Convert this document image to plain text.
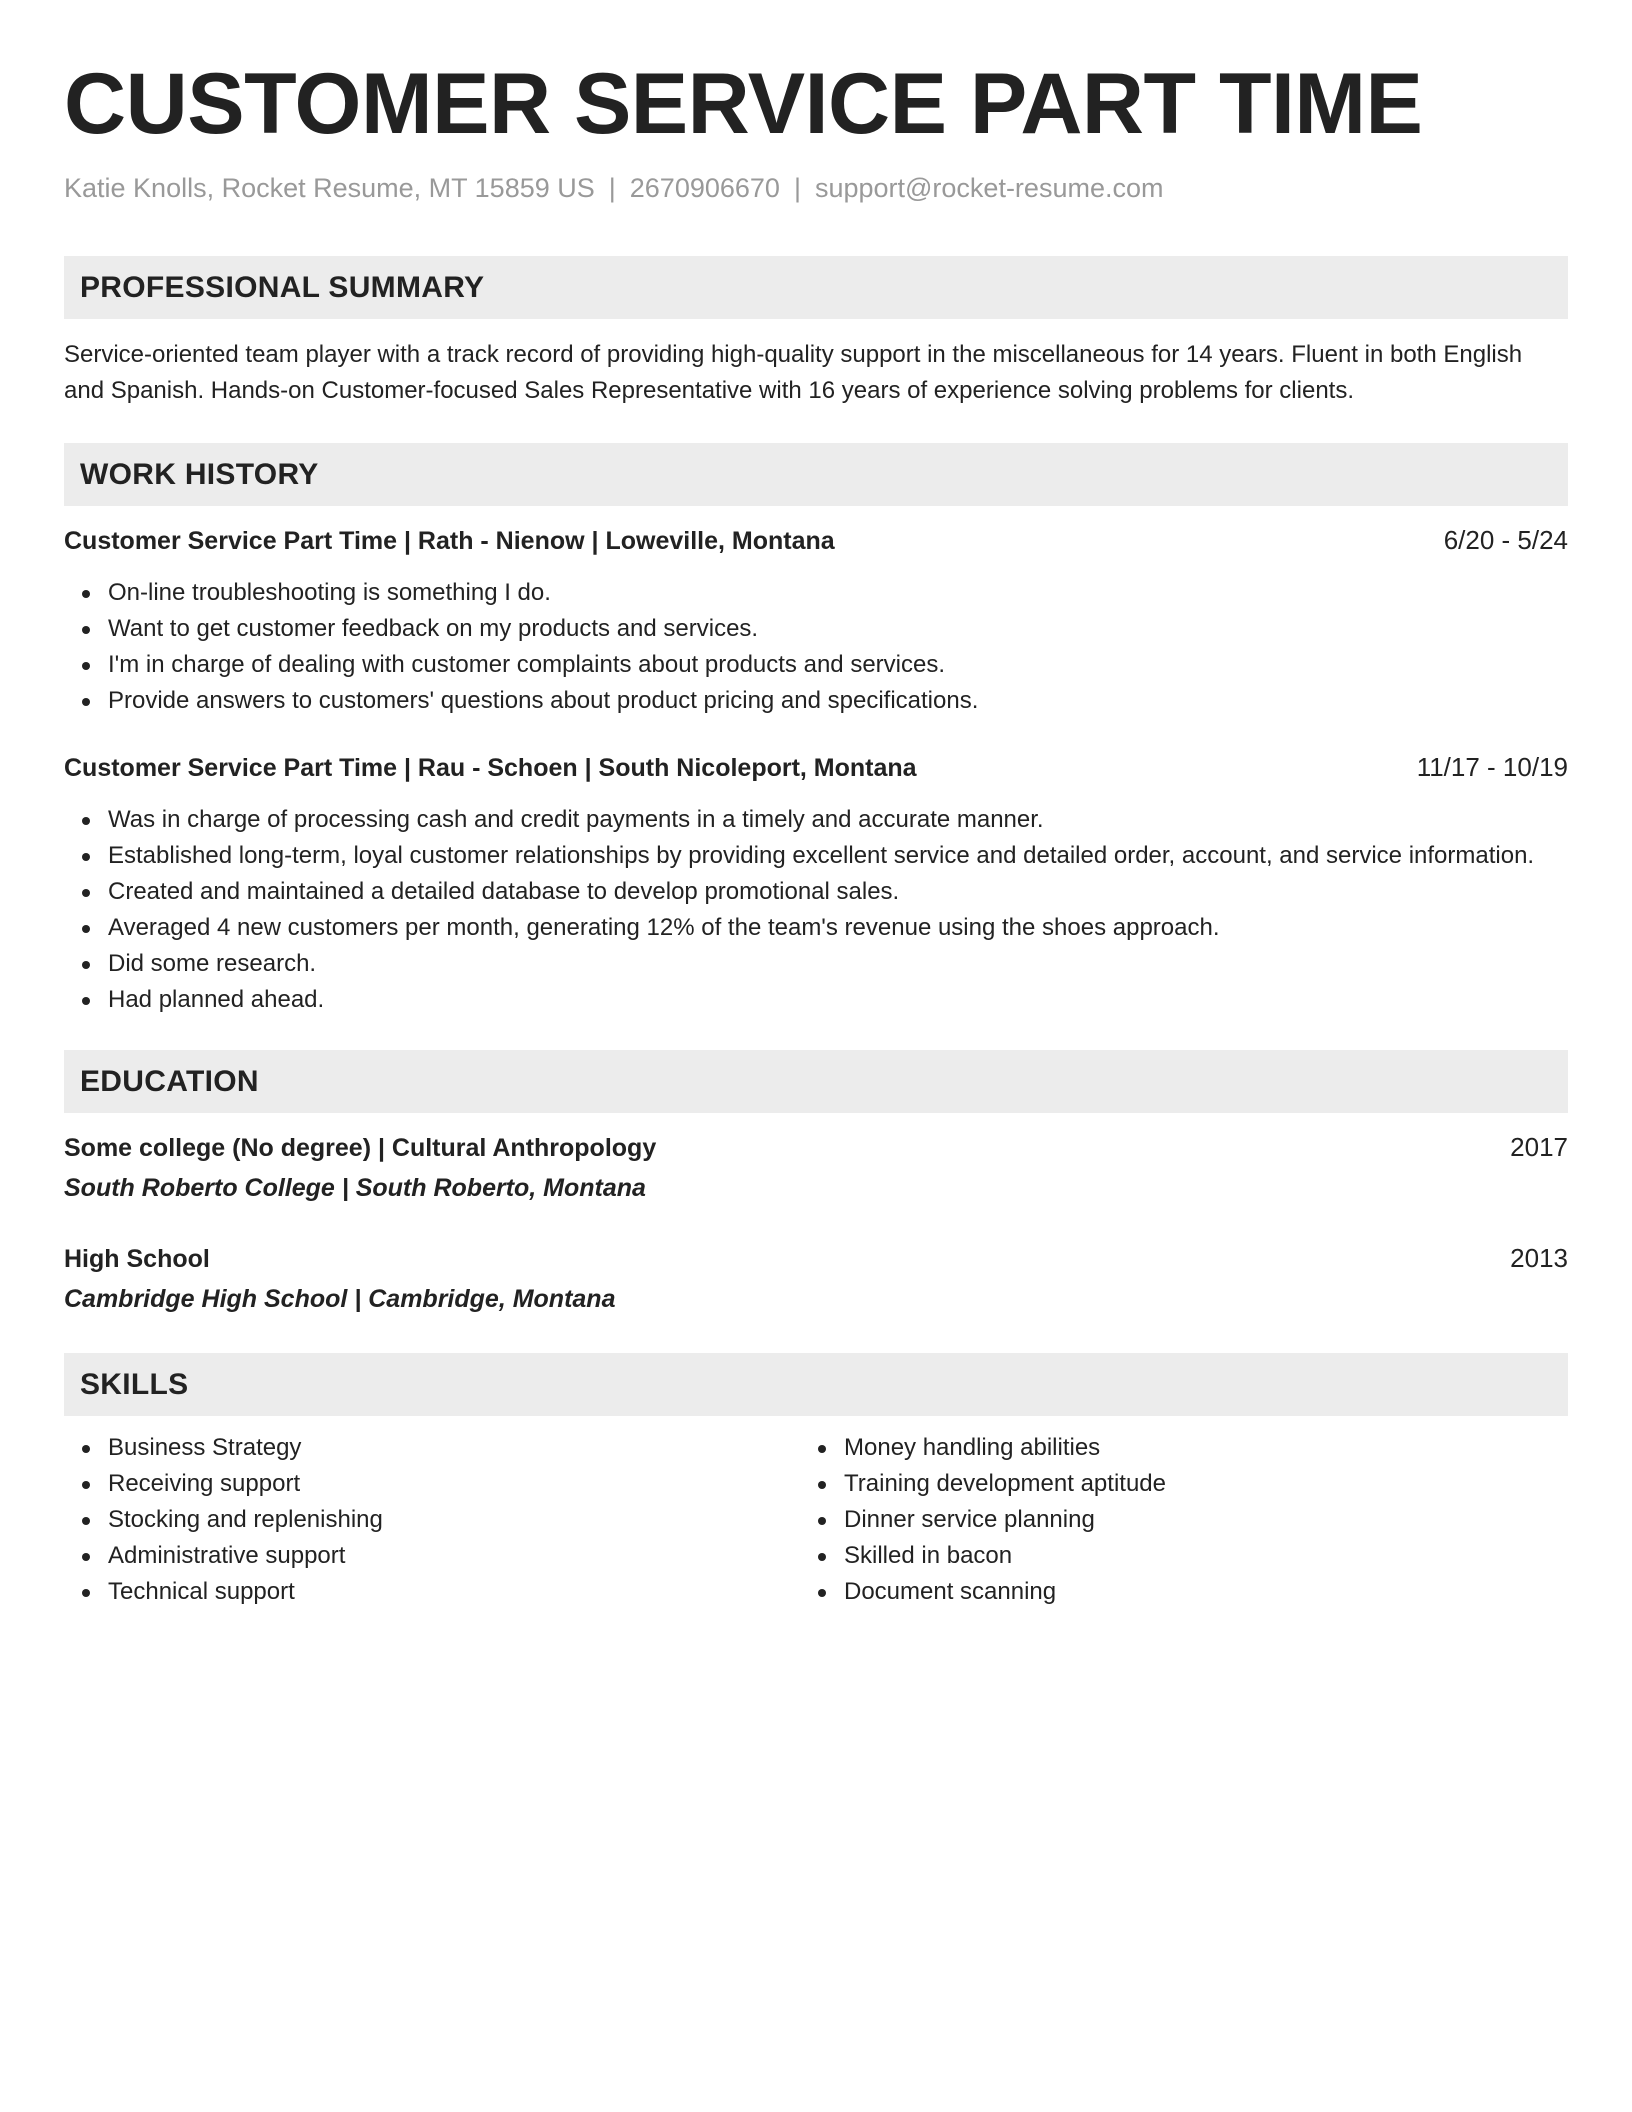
CUSTOMER SERVICE PART TIME
Katie Knolls, Rocket Resume, MT 15859 US | 2670906670 | support@rocket-resume.com
PROFESSIONAL SUMMARY

Service-oriented team player with a track record of providing high-quality support in the miscellaneous for 14 years. Fluent in both English and Spanish. Hands-on Customer-focused Sales Representative with 16 years of experience solving problems for clients.

WORK HISTORY
Customer Service Part Time | Rath - Nienow | Loweville, Montana	6/20 - 5/24
On-line troubleshooting is something I do.
Want to get customer feedback on my products and services.
I'm in charge of dealing with customer complaints about products and services.
Provide answers to customers' questions about product pricing and specifications.
Customer Service Part Time | Rau - Schoen | South Nicoleport, Montana	11/17 - 10/19
Was in charge of processing cash and credit payments in a timely and accurate manner.
Established long-term, loyal customer relationships by providing excellent service and detailed order, account, and service information.
Created and maintained a detailed database to develop promotional sales.
Averaged 4 new customers per month, generating 12% of the team's revenue using the shoes approach.
Did some research.
Had planned ahead.
EDUCATION
Some college (No degree) | Cultural Anthropology	2017
South Roberto College | South Roberto, Montana
High School	2013
Cambridge High School | Cambridge, Montana
SKILLS
Business Strategy
Receiving support
Stocking and replenishing
Administrative support
Technical support
Money handling abilities
Training development aptitude
Dinner service planning
Skilled in bacon
Document scanning
